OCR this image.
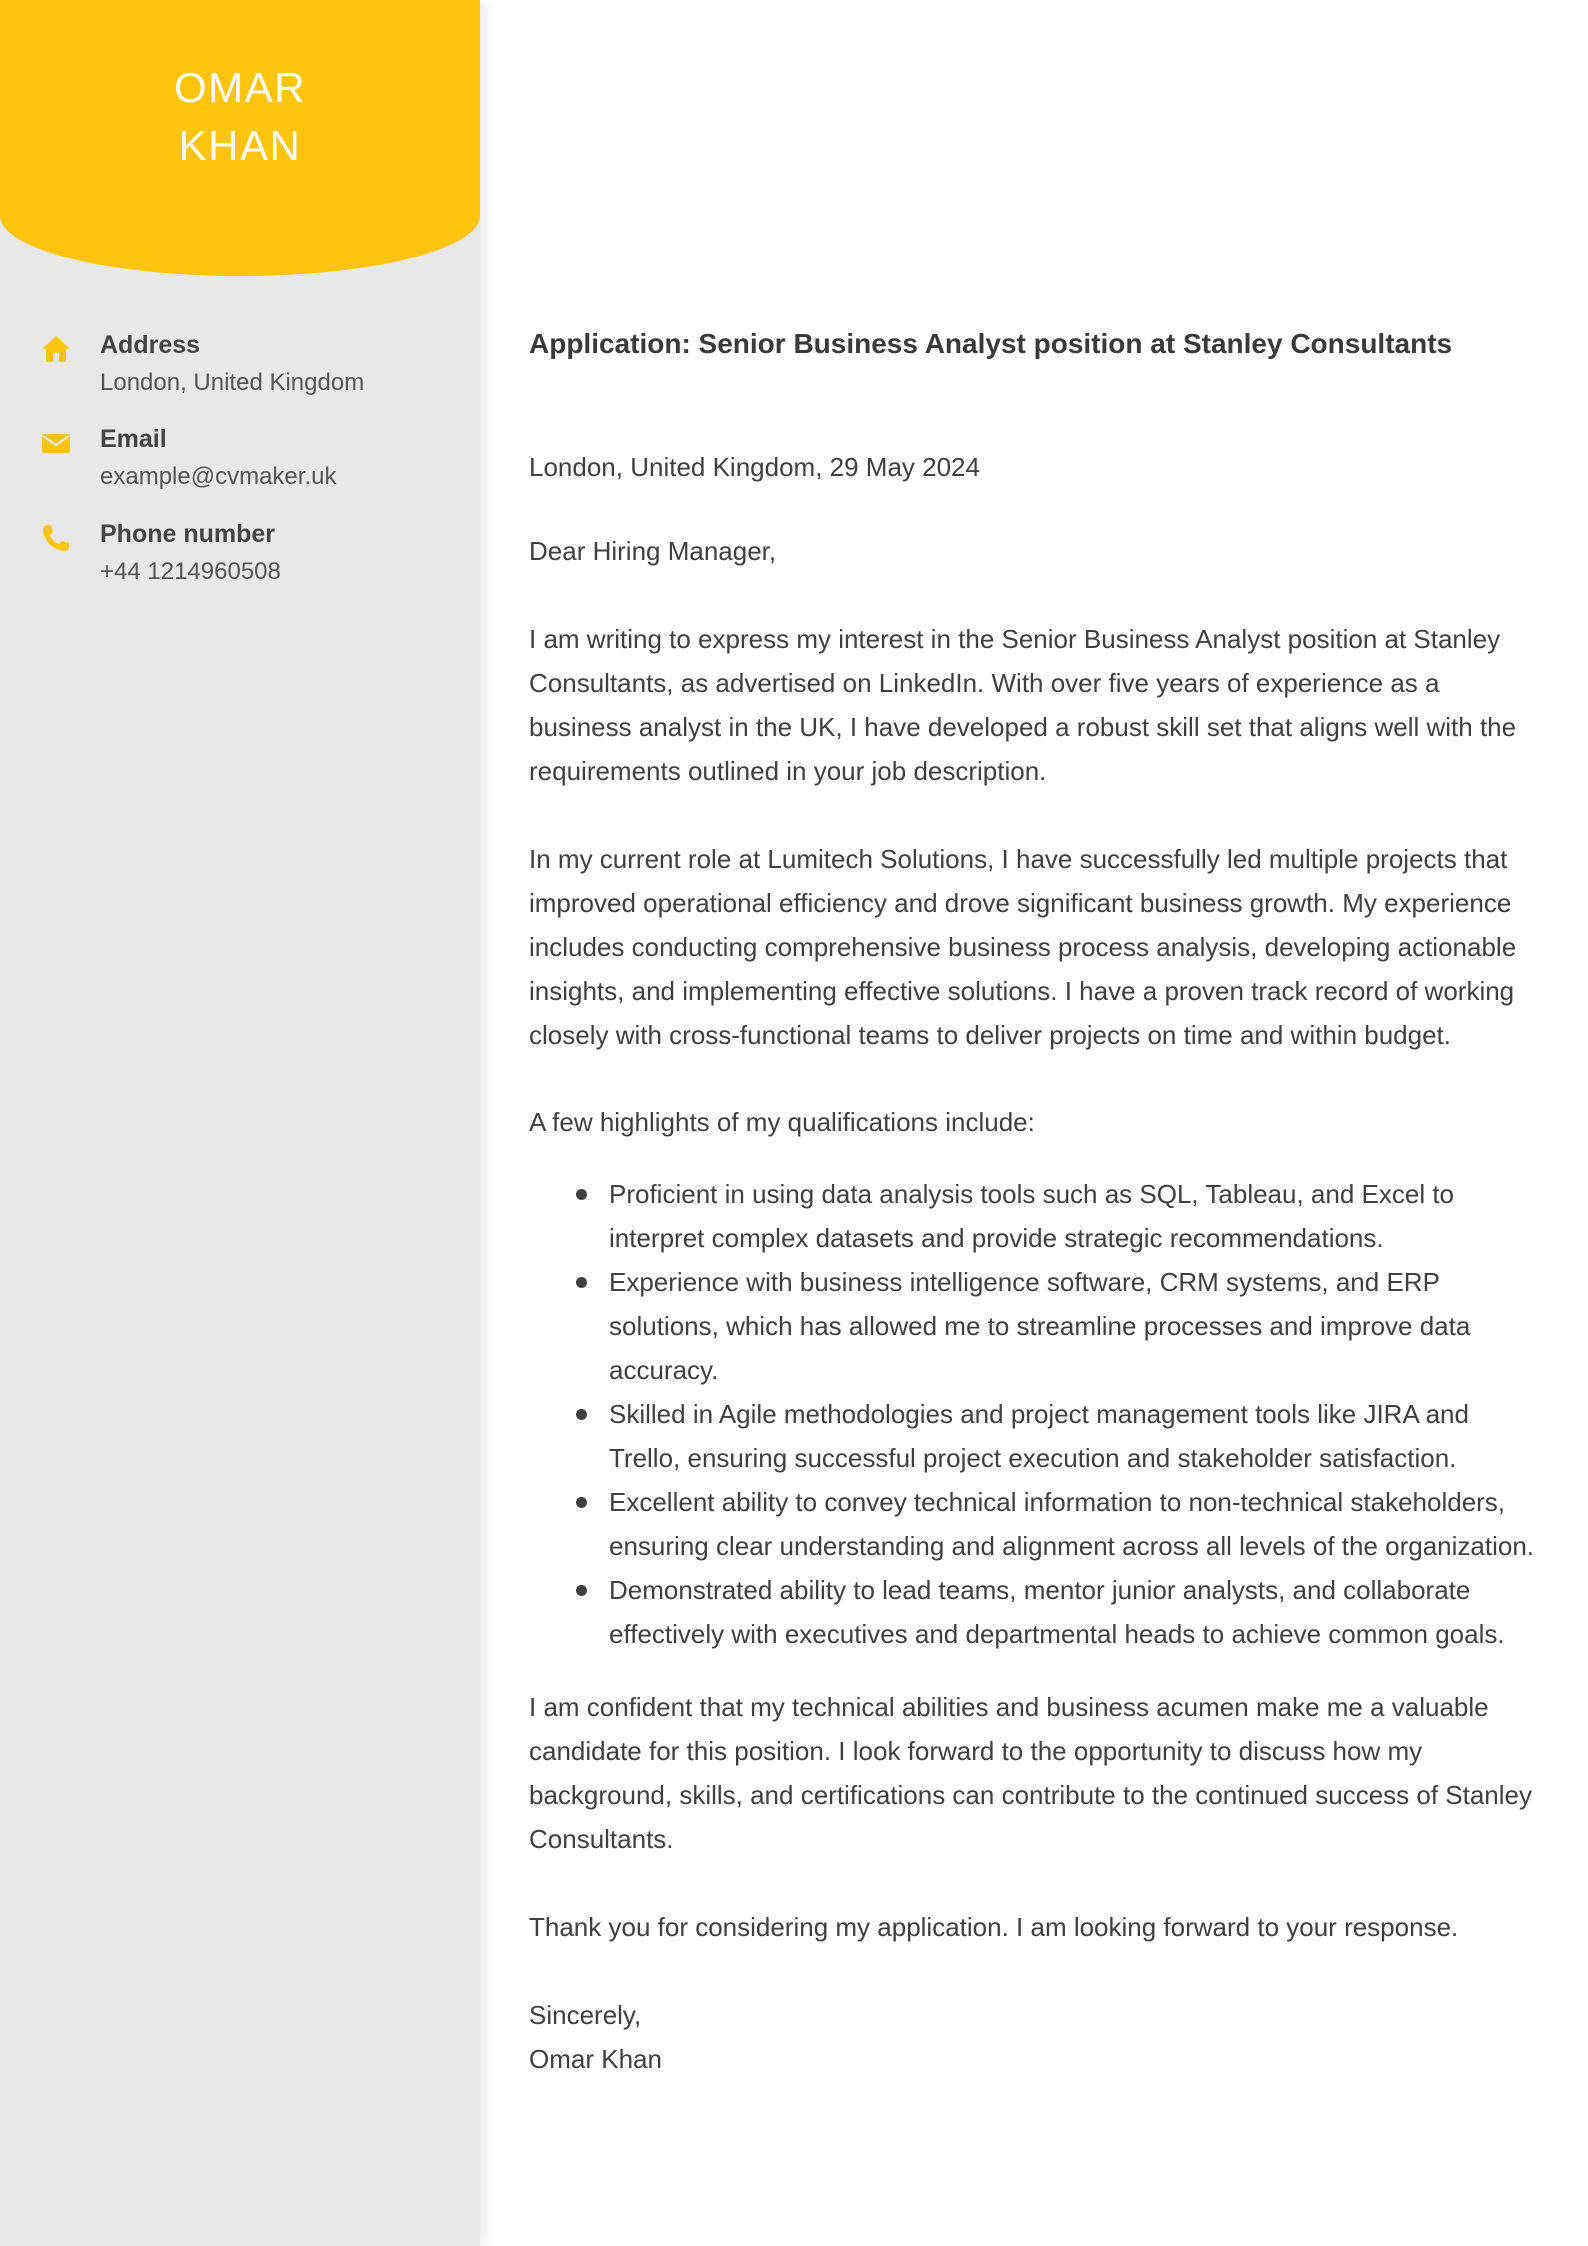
OMAR
KHAN
Address
London, United Kingdom
Email
example@cvmaker.uk
Phone number
+44 1214960508
Application: Senior Business Analyst position at Stanley Consultants

London, United Kingdom, 29 May 2024

Dear Hiring Manager,

I am writing to express my interest in the Senior Business Analyst position at Stanley Consultants, as advertised on LinkedIn. With over five years of experience as a business analyst in the UK, I have developed a robust skill set that aligns well with the requirements outlined in your job description.

In my current role at Lumitech Solutions, I have successfully led multiple projects that improved operational efficiency and drove significant business growth. My experience includes conducting comprehensive business process analysis, developing actionable insights, and implementing effective solutions. I have a proven track record of working closely with cross-functional teams to deliver projects on time and within budget.

A few highlights of my qualifications include:

Proficient in using data analysis tools such as SQL, Tableau, and Excel to interpret complex datasets and provide strategic recommendations.
Experience with business intelligence software, CRM systems, and ERP solutions, which has allowed me to streamline processes and improve data accuracy.
Skilled in Agile methodologies and project management tools like JIRA and Trello, ensuring successful project execution and stakeholder satisfaction.
Excellent ability to convey technical information to non-technical stakeholders, ensuring clear understanding and alignment across all levels of the organization.
Demonstrated ability to lead teams, mentor junior analysts, and collaborate effectively with executives and departmental heads to achieve common goals.

I am confident that my technical abilities and business acumen make me a valuable candidate for this position. I look forward to the opportunity to discuss how my background, skills, and certifications can contribute to the continued success of Stanley Consultants.

Thank you for considering my application. I am looking forward to your response.

Sincerely,

Omar Khan
